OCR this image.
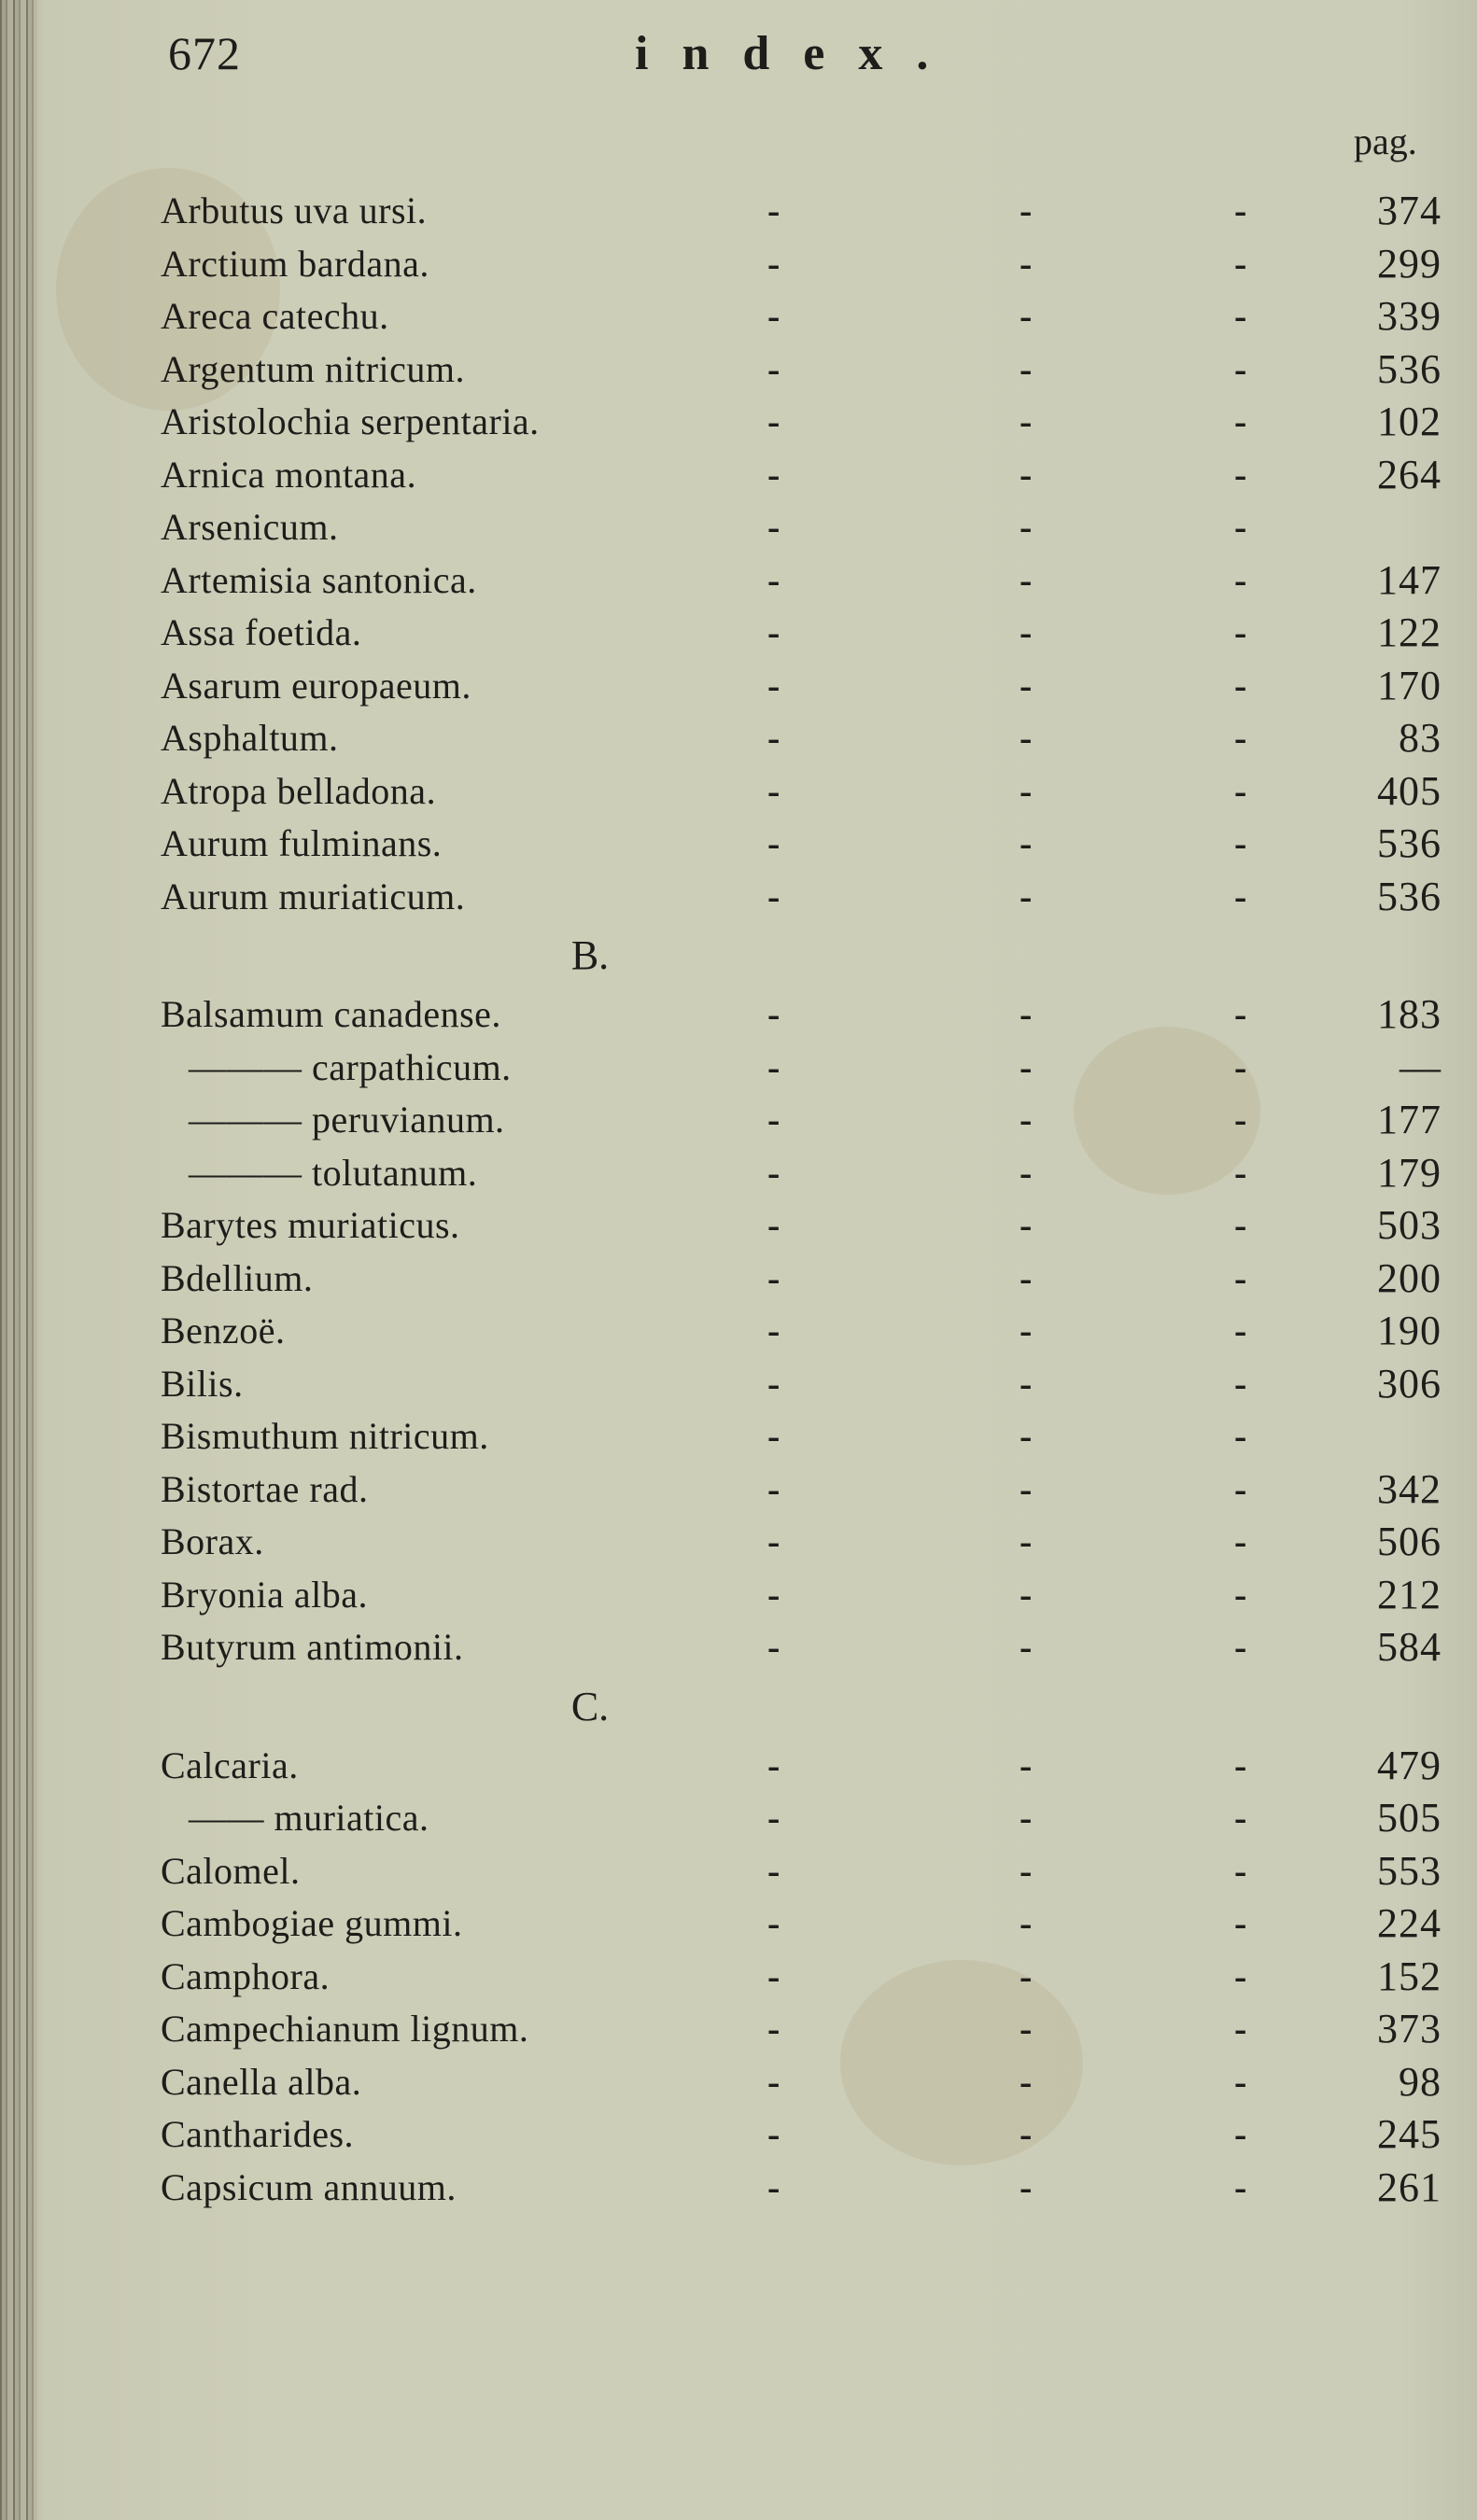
672	index.
pag.
Arbutus uva ursi.	-	-	-	374
Arctium bardana.	-	-	-	299
Areca catechu.	-	-	-	339
Argentum nitricum.	-	-	-	536
Aristolochia serpentaria.	-	-	-	102
Arnica montana.	-	-	-	264
Arsenicum.	-	-	-
Artemisia santonica.	-	-	-	147
Assa foetida.	-	-	-	122
Asarum europaeum.	-	-	-	170
Asphaltum.	-	-	-	83
Atropa belladona.	-	-	-	405
Aurum fulminans.	-	-	-	536
Aurum muriaticum.	-	-	-	536
B.
Balsamum canadense.	-	-	-	183
——— carpathicum.	-	-	-	—
——— peruvianum.	-	-	-	177
——— tolutanum.	-	-	-	179
Barytes muriaticus.	-	-	-	503
Bdellium.	-	-	-	200
Benzoë.	-	-	-	190
Bilis.	-	-	-	306
Bismuthum nitricum.	-	-	-
Bistortae rad.	-	-	-	342
Borax.	-	-	-	506
Bryonia alba.	-	-	-	212
Butyrum antimonii.	-	-	-	584
C.
Calcaria.	-	-	-	479
—— muriatica.	-	-	-	505
Calomel.	-	-	-	553
Cambogiae gummi.	-	-	-	224
Camphora.	-	-	-	152
Campechianum lignum.	-	-	-	373
Canella alba.	-	-	-	98
Cantharides.	-	-	-	245
Capsicum annuum.	-	-	-	261
